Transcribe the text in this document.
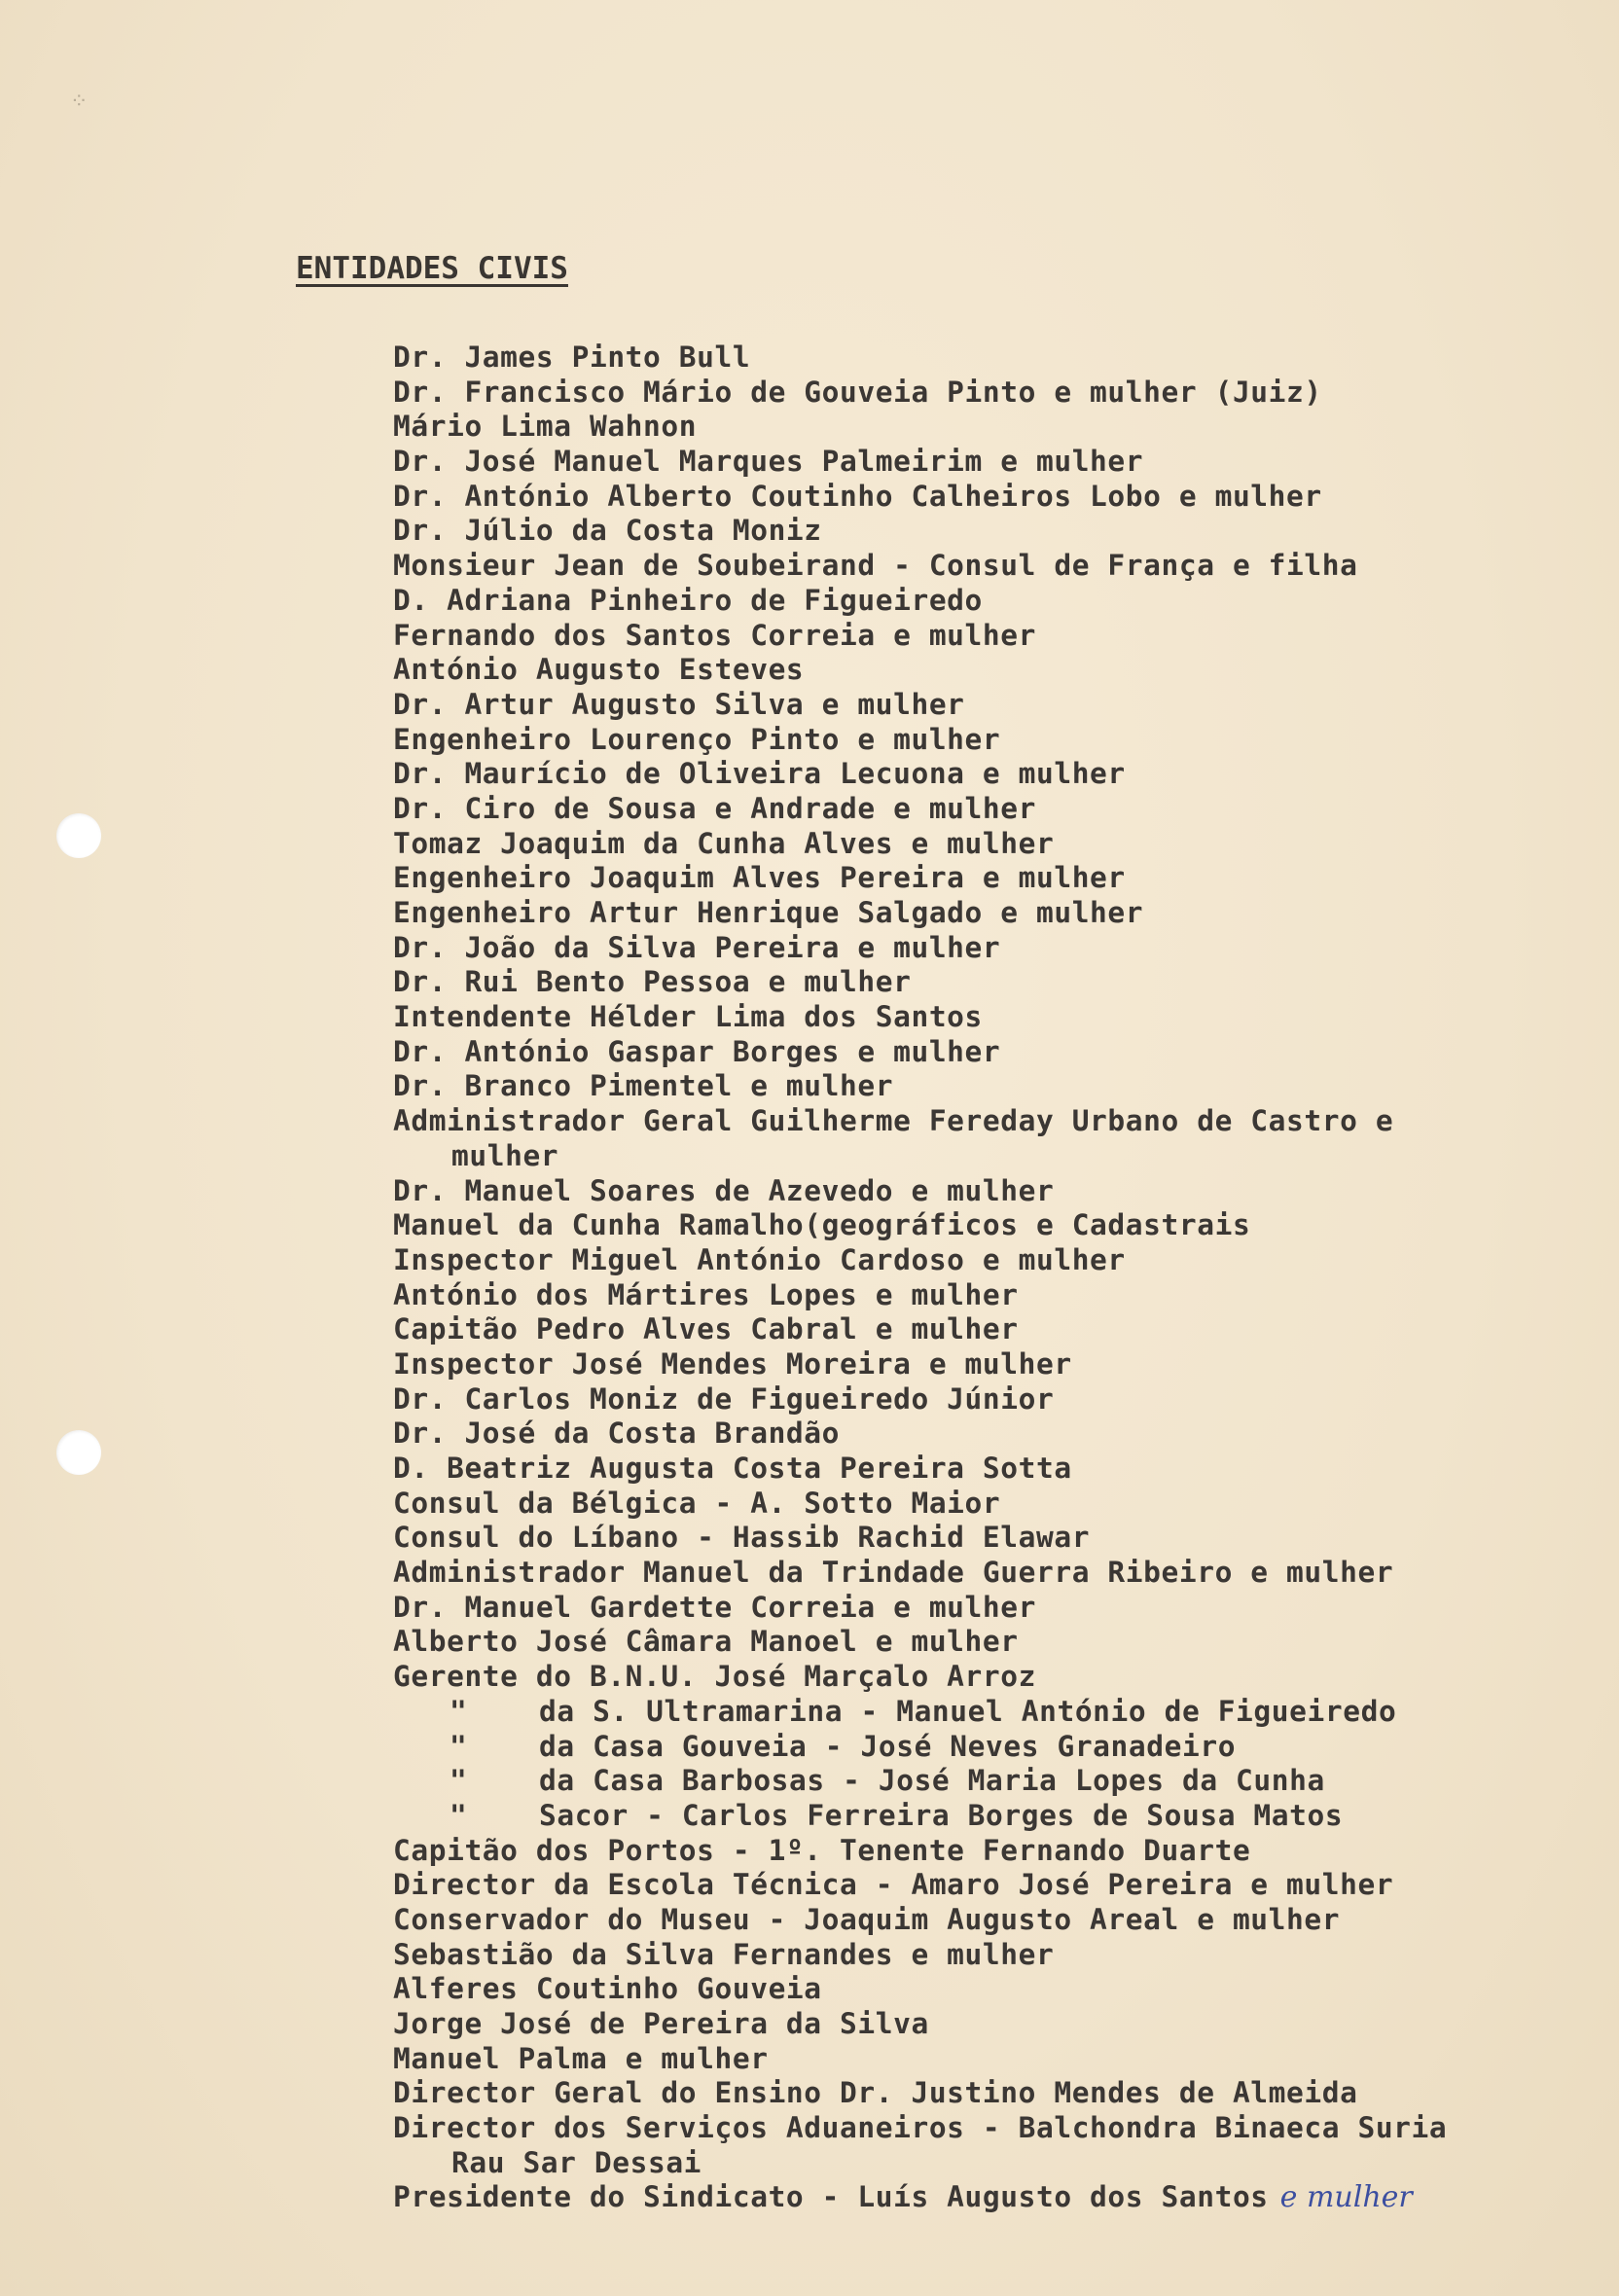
⁘
ENTIDADES CIVIS
Dr. James Pinto Bull
Dr. Francisco Mário de Gouveia Pinto e mulher (Juiz)
Mário Lima Wahnon
Dr. José Manuel Marques Palmeirim e mulher
Dr. António Alberto Coutinho Calheiros Lobo e mulher
Dr. Júlio da Costa Moniz
Monsieur Jean de Soubeirand - Consul de França e filha
D. Adriana Pinheiro de Figueiredo
Fernando dos Santos Correia e mulher
António Augusto Esteves
Dr. Artur Augusto Silva e mulher
Engenheiro Lourenço Pinto e mulher
Dr. Maurício de Oliveira Lecuona e mulher
Dr. Ciro de Sousa e Andrade e mulher
Tomaz Joaquim da Cunha Alves e mulher
Engenheiro Joaquim Alves Pereira e mulher
Engenheiro Artur Henrique Salgado e mulher
Dr. João da Silva Pereira e mulher
Dr. Rui Bento Pessoa e mulher
Intendente Hélder Lima dos Santos
Dr. António Gaspar Borges e mulher
Dr. Branco Pimentel e mulher
Administrador Geral Guilherme Fereday Urbano de Castro e
mulher
Dr. Manuel Soares de Azevedo e mulher
Manuel da Cunha Ramalho(geográficos e Cadastrais
Inspector Miguel António Cardoso e mulher
António dos Mártires Lopes e mulher
Capitão Pedro Alves Cabral e mulher
Inspector José Mendes Moreira e mulher
Dr. Carlos Moniz de Figueiredo Júnior
Dr. José da Costa Brandão
D. Beatriz Augusta Costa Pereira Sotta
Consul da Bélgica - A. Sotto Maior
Consul do Líbano - Hassib Rachid Elawar
Administrador Manuel da Trindade Guerra Ribeiro e mulher
Dr. Manuel Gardette Correia e mulher
Alberto José Câmara Manoel e mulher
Gerente do B.N.U. José Marçalo Arroz
" da S. Ultramarina - Manuel António de Figueiredo
" da Casa Gouveia - José Neves Granadeiro
" da Casa Barbosas - José Maria Lopes da Cunha
" Sacor - Carlos Ferreira Borges de Sousa Matos
Capitão dos Portos - 1º. Tenente Fernando Duarte
Director da Escola Técnica - Amaro José Pereira e mulher
Conservador do Museu - Joaquim Augusto Areal e mulher
Sebastião da Silva Fernandes e mulher
Alferes Coutinho Gouveia
Jorge José de Pereira da Silva
Manuel Palma e mulher
Director Geral do Ensino Dr. Justino Mendes de Almeida
Director dos Serviços Aduaneiros - Balchondra Binaeca Suria
Rau Sar Dessai
Presidente do Sindicato - Luís Augusto dos Santos e mulher
